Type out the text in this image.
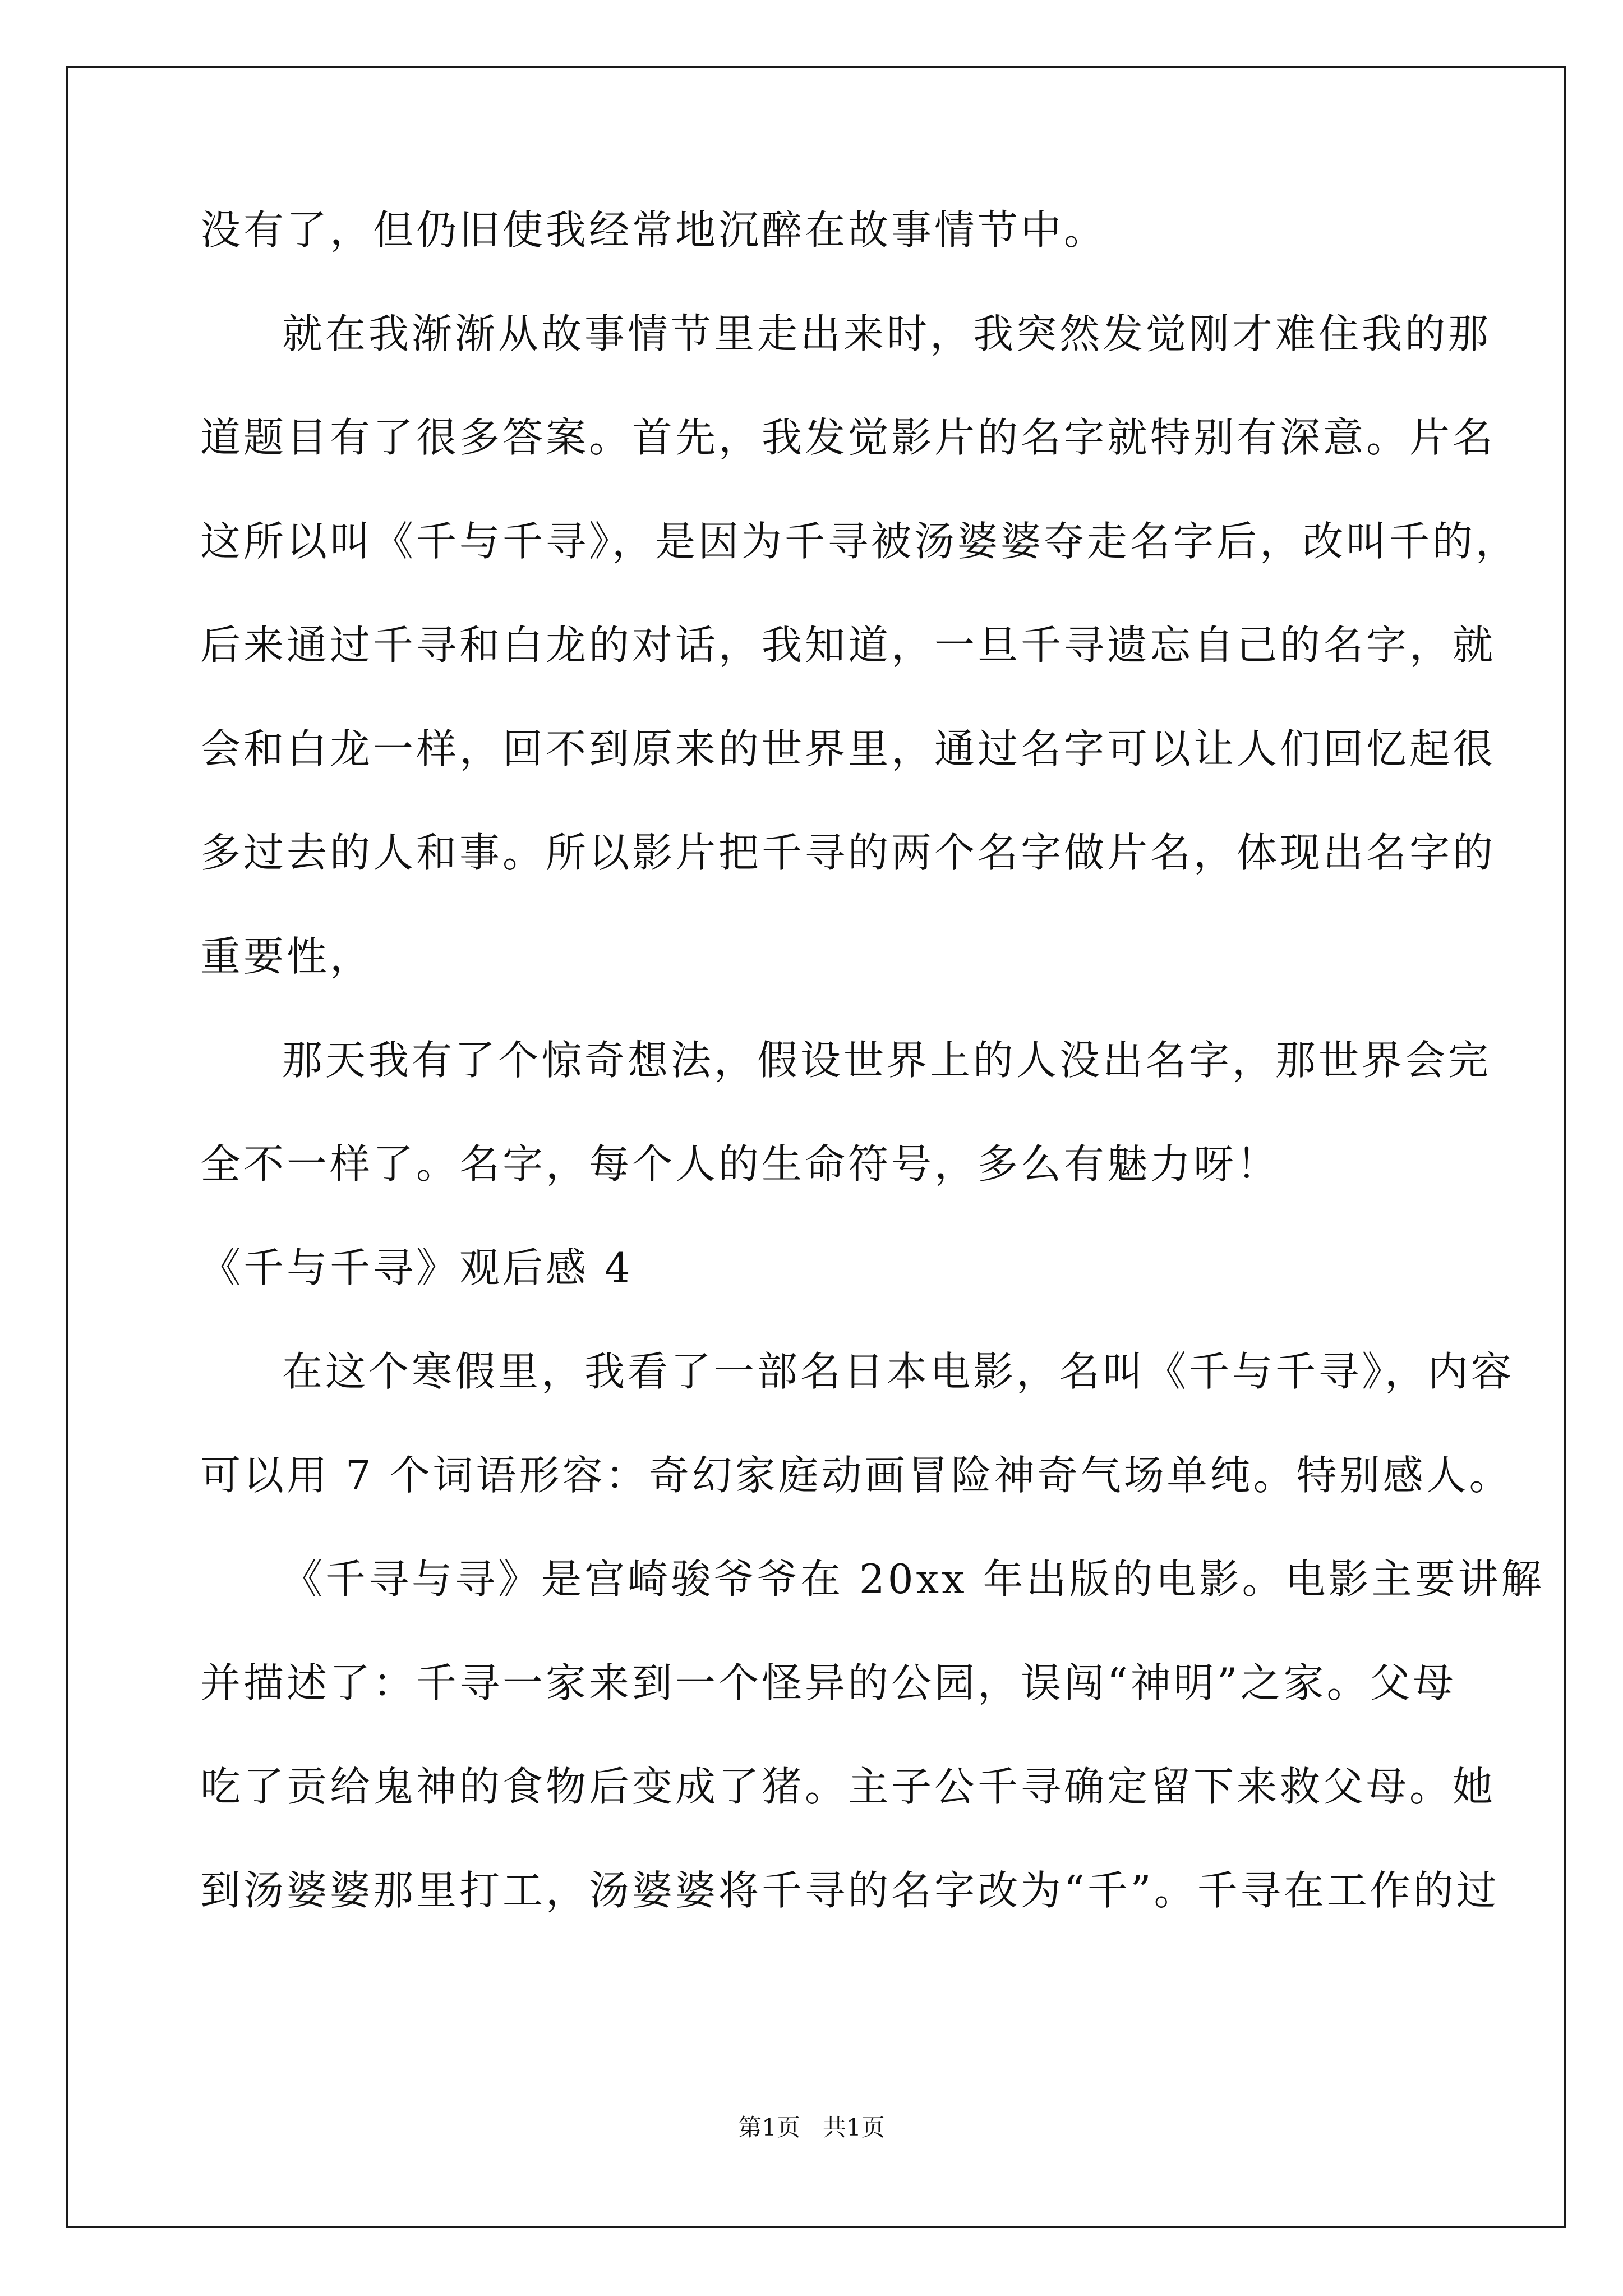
没有了，但仍旧使我经常地沉醉在故事情节中。
就在我渐渐从故事情节里走出来时，我突然发觉刚才难住我的那
道题目有了很多答案。首先，我发觉影片的名字就特别有深意。片名
这所以叫《千与千寻》，是因为千寻被汤婆婆夺走名字后，改叫千的，
后来通过千寻和白龙的对话，我知道，一旦千寻遗忘自己的名字，就
会和白龙一样，回不到原来的世界里，通过名字可以让人们回忆起很
多过去的人和事。所以影片把千寻的两个名字做片名，体现出名字的
重要性，
那天我有了个惊奇想法，假设世界上的人没出名字，那世界会完
全不一样了。名字，每个人的生命符号，多么有魅力呀！
《千与千寻》观后感 4
在这个寒假里，我看了一部名日本电影，名叫《千与千寻》，内容
可以用 7 个词语形容：奇幻家庭动画冒险神奇气场单纯。特别感人。
《千寻与寻》是宫崎骏爷爷在 20xx 年出版的电影。电影主要讲解
并描述了：千寻一家来到一个怪异的公园，误闯“神明”之家。父母
吃了贡给鬼神的食物后变成了猪。主子公千寻确定留下来救父母。她
到汤婆婆那里打工，汤婆婆将千寻的名字改为“千”。千寻在工作的过
第1页   共1页
